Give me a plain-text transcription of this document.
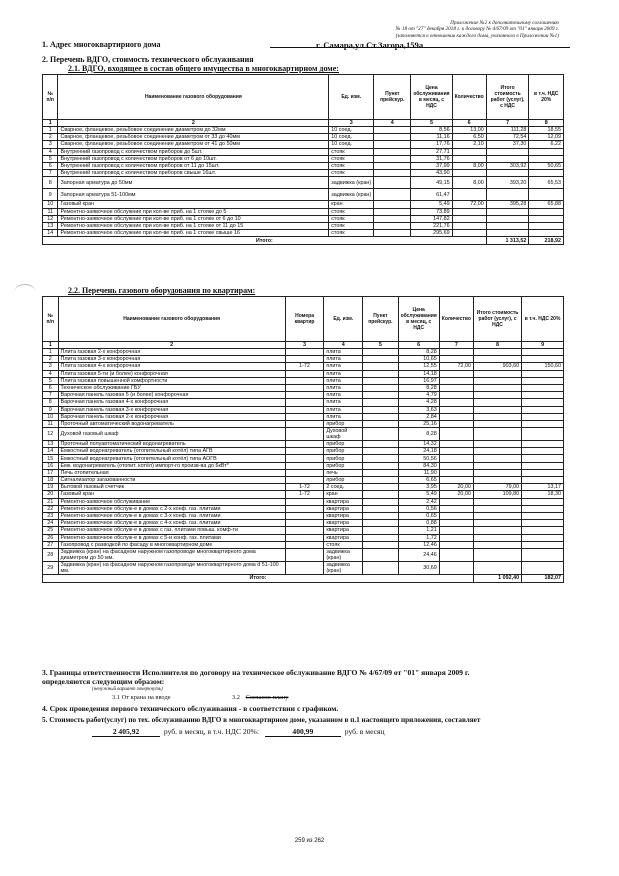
Приложение №2 к дополнительному соглашению
№ 18 от "27" декабря 2018 г. к договору № 4/67/09 от "01" января 2009 г.
(заполняется в отношении каждого дома, указанного в Приложении №1)
1. Адрес многоквартирного дома	г. Самара,ул.Ст.Загора,159а
2. Перечень ВДГО, стоимость технического обслуживания
2.1. ВДГО, входящее в состав общего имущества в многоквартирном доме:
№ п/п	Наименование газового оборудования	Ед. изм.	Пункт прейскур.	Цена обслуживания в месяц, с НДС	Количество	Итого стоимость работ (услуг), с НДС	в т.ч. НДС 20%
1	2	3	4	5	6	7	8
1	Сварное, фланцевое, резьбовое соединение диаметром до 32мм	10 соед.		8,56	13,00	111,28	18,55
2	Сварное, фланцевое, резьбовое соединение диаметром от 33 до 40мм	10 соед.		11,16	6,50	72,54	12,09
3	Сварное, фланцевое, резьбовое соединение диаметром от 41 до 50мм	10 соед.		17,76	2,10	37,30	6,22
4	Внутренний газопровод с количеством приборов до 5шт.	стояк		27,71			
5	Внутренний газопровод с количеством приборов от 6 до 10шт.	стояк		31,76			
6	Внутренний газопровод с количеством приборов от 11 до 15шт.	стояк		37,99	8,00	303,92	50,65
7	Внутренний газопровод с количеством приборов свыше 16шт.	стояк		43,90			
8	Запорная арматура до 50мм	задвижка (кран)		49,15	8,00	393,20	65,53
9	Запорная арматура 51-100мм	задвижка (кран)		61,47			
10	Газовый кран	кран		5,49	72,00	395,28	65,88
11	Ремонтно-заявочное обслужние при кол-ве приб. на 1 стояке до 5	стояк		73,89			
12	Ремонтно-заявочное обслужние при кол-ве приб. на 1 стояке от 6 до 10	стояк		147,82			
13	Ремонтно-заявочное обслужние при кол-ве приб. на 1 стояке от 11 до 15	стояк		221,76			
14	Ремонтно-заявочное обслужние при кол-ве приб. на 1 стояке свыше 16	стояк		295,69			
Итого:						1 313,52	218,92
2.2. Перечень газового оборудования по квартирам:
№ п/п	Наименование газового оборудования	Номера квартир	Ед. изм.	Пункт прейскур.	Цена обслуживания в месяц, с НДС	Количество	Итого стоимость работ (услуг), с НДС	в т.ч. НДС 20%
1	2	3	4	5	6	7	8	9
1	Плита газовая 2-х конфорочная		плита		8,28			
2	Плита газовая 3-х конфорочная		плита		10,65			
3	Плита газовая 4-х конфорочная	1-72	плита		12,55	72,00	903,60	150,60
4	Плита газовая 5-ти (и более) конфорочная		плита		14,18			
5	Плита газовая повышенной комфортности		плита		16,97			
6	Техническое обслуживание ГБУ		плита		8,28			
7	Варочная панель газовая 5 (и более) конфорочная		плита		4,79			
8	Варочная панель газовая 4-х конфорочная		плита		4,28			
9	Варочная панель газовая 3-х конфорочная		плита		3,63			
10	Варочная панель газовая 2-х конфорочная		плита		2,84			
11	Проточный автоматический водонагреватель		прибор		25,16			
12	Духовой газовый шкаф		Духовой шкаф		8,28			
13	Проточный полуавтоматический водонагреватель		прибор		14,32			
14	Емкостный водонагреватель (отопительный котёл) типа АГВ		прибор		24,18			
15	Емкостный водонагреватель (отопительный котёл) типа АОГВ		прибор		50,56			
16	Емк. водонагреватель (отопит. котёл) импорт-го произв-ва до 6кВт*		прибор		84,30			
17	Печь отопительная		печь		11,90			
18	Сигнализатор загазованности		прибор		6,65			
19	Бытовой газовый счетчик	1-72	2 соед.		3,95	20,00	79,00	13,17
20	Газовый кран	1-72	кран		5,49	20,00	109,80	18,30
21	Ремонтно-заявочное обслуживание		квартира		2,42			
22	Ремонтно-заявочное обслуж-е в домах с 2-х конф. газ. плитами		квартира		0,56			
23	Ремонтно-заявочное обслуж-е в домах с 3-х конф. газ. плитами		квартира		0,65			
24	Ремонтно-заявочное обслуж-е в домах с 4-х конф. газ. плитами		квартира		0,88			
25	Ремонтно-заявочное обслуж-е в домах с газ. плитами повыш. комф-ти		квартира		1,21			
26	Ремонтно-заявочное обслуж-е в домах с 5-и конф. газ. плитами		квартира		1,72			
27	Газопровод с разводкой по фасаду в многоквартирном доме		стояк		12,46			
28	Задвижка (кран) на фасадном наружном газопроводе многоквартирного дома диаметром до 50 мм.		задвижка (кран)		24,46			
29	Задвижка (кран) на фасадном наружном газопроводе многоквартирного дома d 51-100 мм.		задвижка (кран)		30,69			
Итого:							1 092,40	182,07
3. Границы ответственности Исполнителя по договору на техническое обслуживание ВДГО № 4/67/09 от "01" января 2009 г.
определяются следующим образом:
(ненужный вариант зачеркнуть)
3.1 От крана на вводе	3.2 Согласно плану
4. Срок проведения первого технического обслуживания - в соответствии с графиком.
5. Стоимость работ(услуг) по тех. обслуживанию ВДГО в многоквартирном доме, указанном в п.1 настоящего приложения, составляет
2 405,92	руб. в месяц, в т.ч. НДС 20%:	400,99	руб. в месяц
259 из 262
